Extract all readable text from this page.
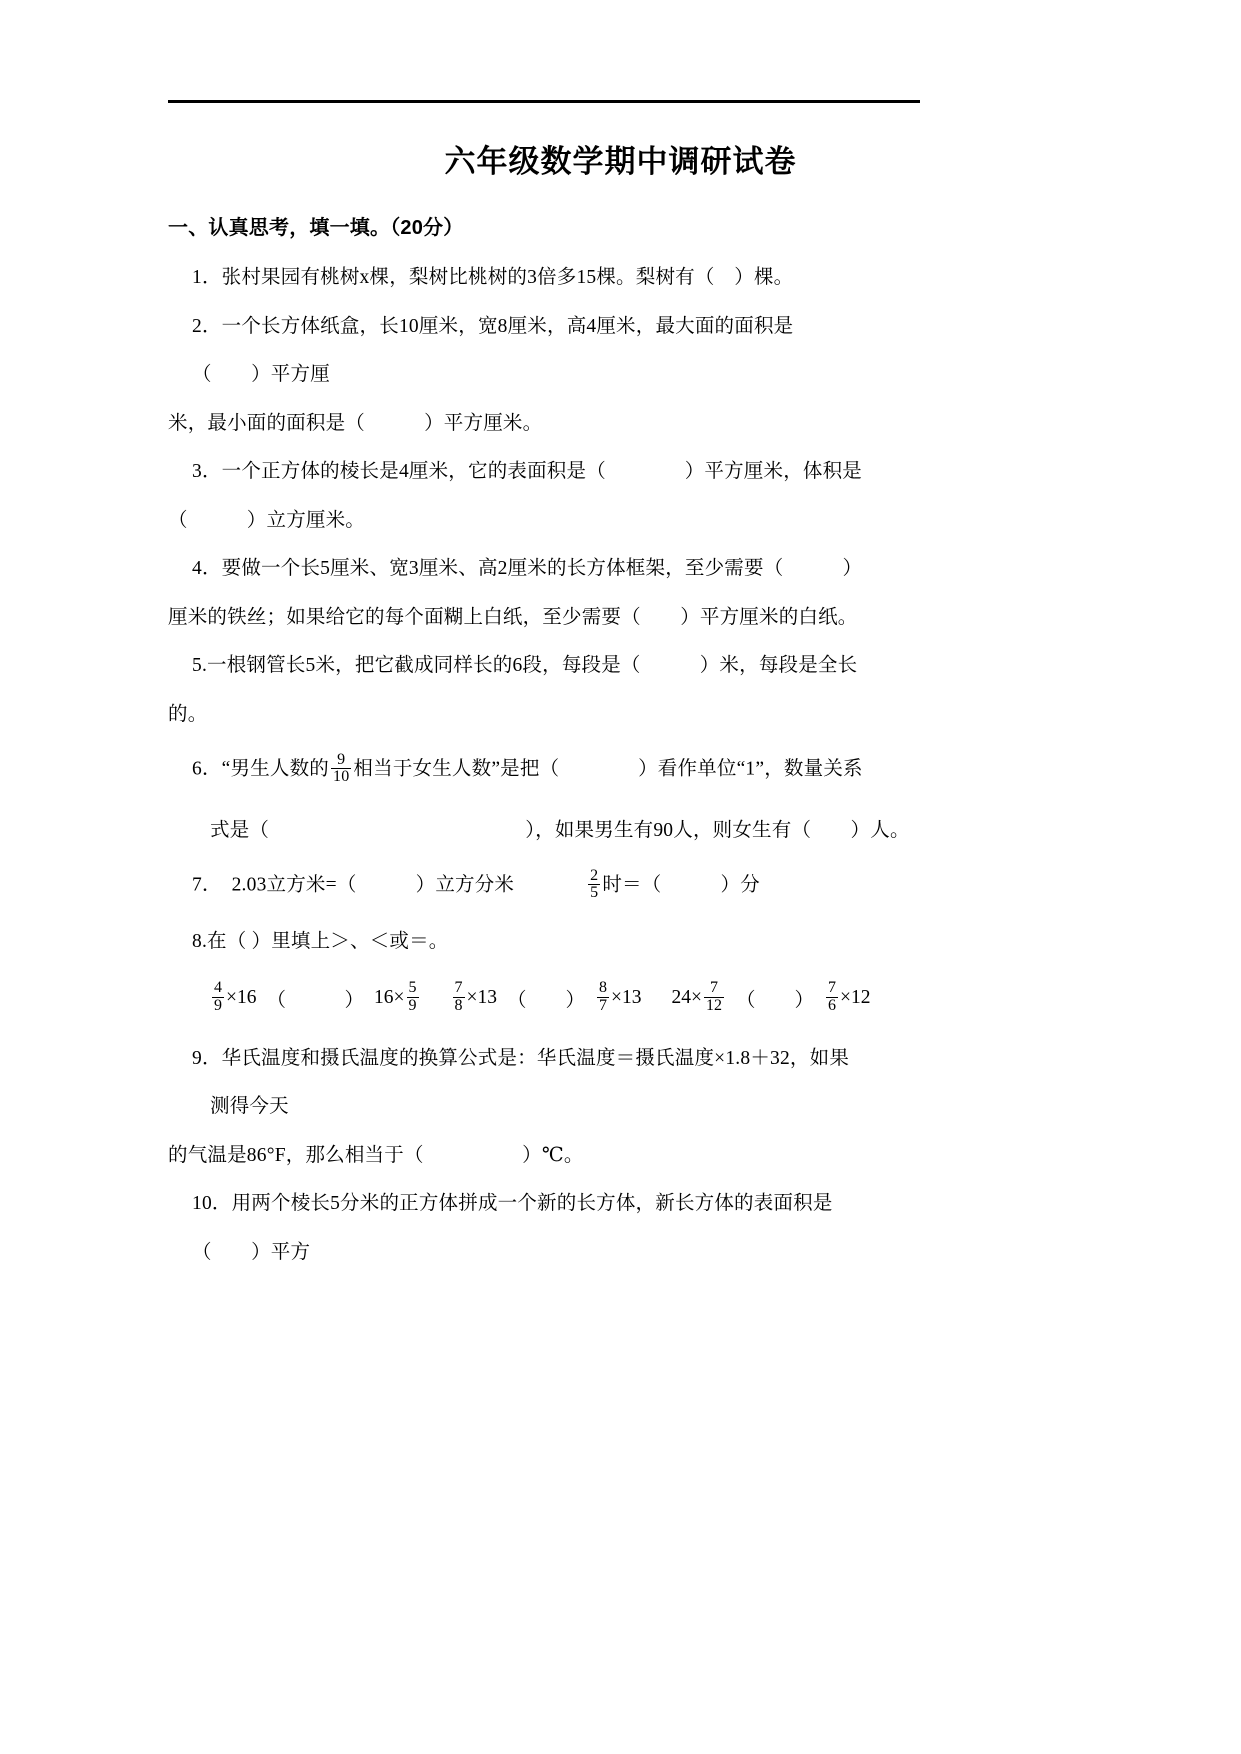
六年级数学期中调研试卷
一、认真思考，填一填。（20分）
1．张村果园有桃树x棵，梨树比桃树的3倍多15棵。梨树有（　）棵。
2．一个长方体纸盒，长10厘米，宽8厘米，高4厘米，最大面的面积是
（　　）平方厘
米，最小面的面积是（　　　）平方厘米。
3．一个正方体的棱长是4厘米，它的表面积是（　　　　）平方厘米，体积是
（　　　）立方厘米。
4．要做一个长5厘米、宽3厘米、高2厘米的长方体框架，至少需要（　　　）
厘米的铁丝；如果给它的每个面糊上白纸，至少需要（　　）平方厘米的白纸。
5.一根钢管长5米，把它截成同样长的6段，每段是（　　　）米，每段是全长
的。
6．“男生人数的 $\frac{9}{10}$ 相当于女生人数”是把（　　　　）看作单位“1”，数量关系
式是（　　　　　　　　　　　　　），如果男生有90人，则女生有（　　）人。
7．　2.03立方米=（　　　）立方分米	$\frac{2}{5}$ 时＝（　　　）分
8.在（ ）里填上＞、＜或＝。
$\frac{4}{9} \times 16$ （　　　） $16\times \frac{5}{9} \frac{7}{8} \times 13$ （　　） $\frac{8}{7} \times 13$ $24\times \frac{7}{12}$ （　　） $\frac{7}{6} \times 12$
9．华氏温度和摄氏温度的换算公式是：华氏温度＝摄氏温度×1.8＋32，如果
测得今天
的气温是86°F，那么相当于（　　　　　）℃。
10．用两个棱长5分米的正方体拼成一个新的长方体，新长方体的表面积是
（　　）平方
